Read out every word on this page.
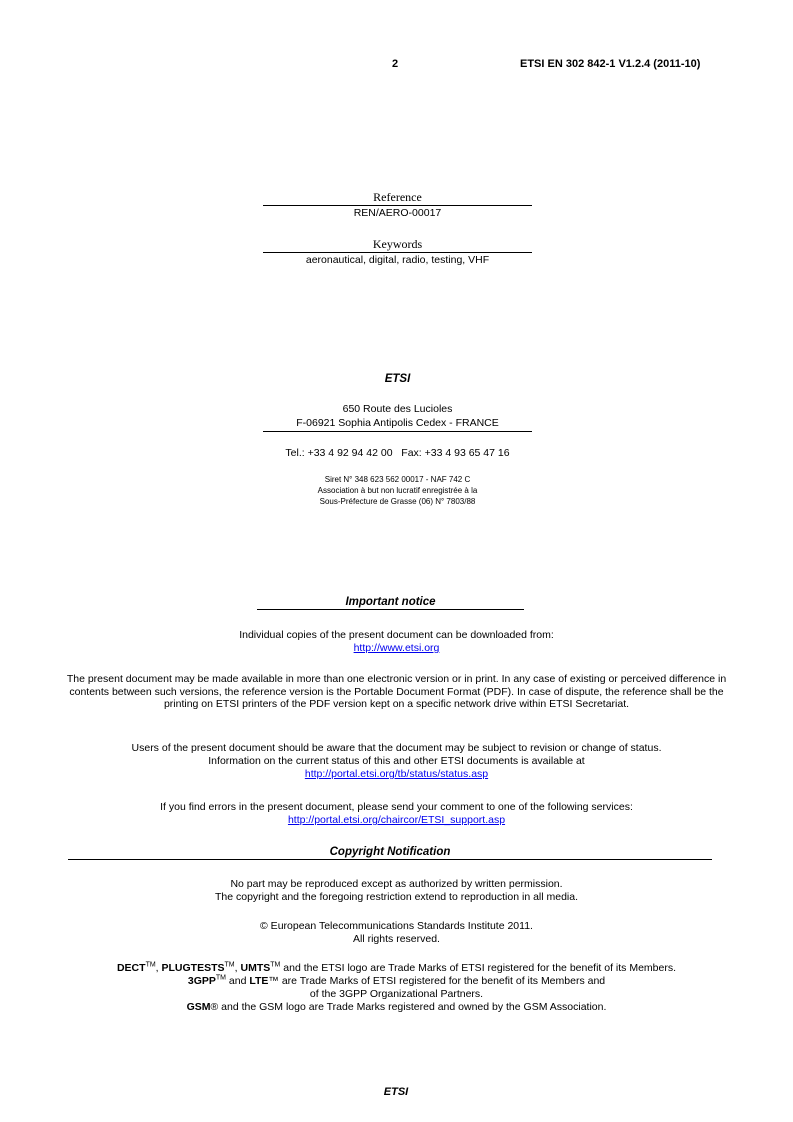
2	ETSI EN 302 842-1 V1.2.4 (2011-10)
Reference
REN/AERO-00017
Keywords
aeronautical, digital, radio, testing, VHF
ETSI
650 Route des Lucioles
F-06921 Sophia Antipolis Cedex - FRANCE
Tel.: +33 4 92 94 42 00   Fax: +33 4 93 65 47 16
Siret N° 348 623 562 00017 - NAF 742 C
Association à but non lucratif enregistrée à la
Sous-Préfecture de Grasse (06) N° 7803/88
Important notice
Individual copies of the present document can be downloaded from:
http://www.etsi.org
The present document may be made available in more than one electronic version or in print. In any case of existing or perceived difference in contents between such versions, the reference version is the Portable Document Format (PDF). In case of dispute, the reference shall be the printing on ETSI printers of the PDF version kept on a specific network drive within ETSI Secretariat.
Users of the present document should be aware that the document may be subject to revision or change of status.
Information on the current status of this and other ETSI documents is available at
http://portal.etsi.org/tb/status/status.asp
If you find errors in the present document, please send your comment to one of the following services:
http://portal.etsi.org/chaircor/ETSI_support.asp
Copyright Notification
No part may be reproduced except as authorized by written permission.
The copyright and the foregoing restriction extend to reproduction in all media.
© European Telecommunications Standards Institute 2011.
All rights reserved.
DECT™, PLUGTESTS™, UMTS™ and the ETSI logo are Trade Marks of ETSI registered for the benefit of its Members.
3GPP™ and LTE™ are Trade Marks of ETSI registered for the benefit of its Members and
of the 3GPP Organizational Partners.
GSM® and the GSM logo are Trade Marks registered and owned by the GSM Association.
ETSI
